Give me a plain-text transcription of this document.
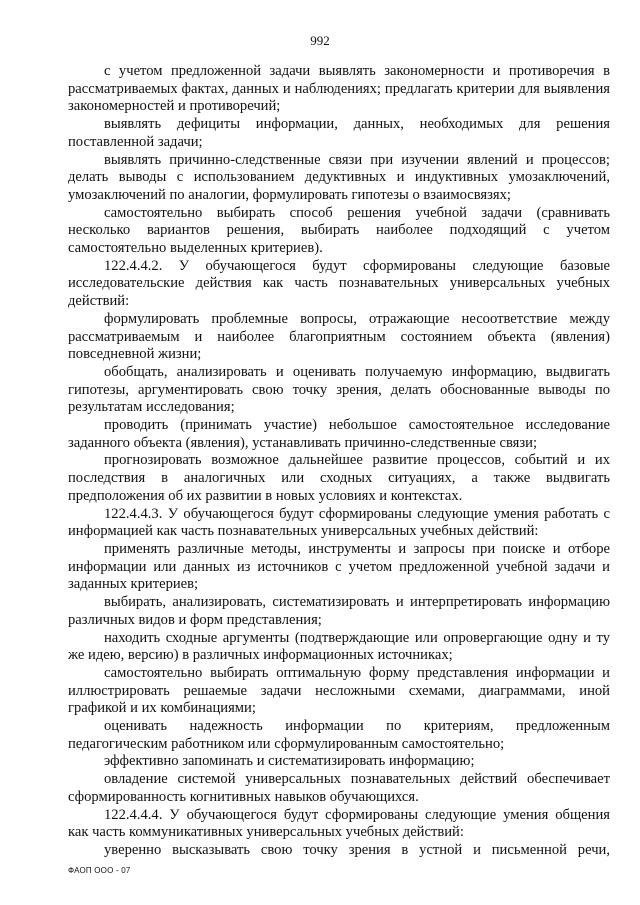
992

с учетом предложенной задачи выявлять закономерности и противоречия в рассматриваемых фактах, данных и наблюдениях; предлагать критерии для выявления закономерностей и противоречий;

выявлять дефициты информации, данных, необходимых для решения поставленной задачи;

выявлять причинно-следственные связи при изучении явлений и процессов; делать выводы с использованием дедуктивных и индуктивных умозаключений, умозаключений по аналогии, формулировать гипотезы о взаимосвязях;

самостоятельно выбирать способ решения учебной задачи (сравнивать несколько вариантов решения, выбирать наиболее подходящий с учетом самостоятельно выделенных критериев).

122.4.4.2. У обучающегося будут сформированы следующие базовые исследовательские действия как часть познавательных универсальных учебных действий:

формулировать проблемные вопросы, отражающие несоответствие между рассматриваемым и наиболее благоприятным состоянием объекта (явления) повседневной жизни;

обобщать, анализировать и оценивать получаемую информацию, выдвигать гипотезы, аргументировать свою точку зрения, делать обоснованные выводы по результатам исследования;

проводить (принимать участие) небольшое самостоятельное исследование заданного объекта (явления), устанавливать причинно-следственные связи;

прогнозировать возможное дальнейшее развитие процессов, событий и их последствия в аналогичных или сходных ситуациях, а также выдвигать предположения об их развитии в новых условиях и контекстах.

122.4.4.3. У обучающегося будут сформированы следующие умения работать с информацией как часть познавательных универсальных учебных действий:

применять различные методы, инструменты и запросы при поиске и отборе информации или данных из источников с учетом предложенной учебной задачи и заданных критериев;

выбирать, анализировать, систематизировать и интерпретировать информацию различных видов и форм представления;

находить сходные аргументы (подтверждающие или опровергающие одну и ту же идею, версию) в различных информационных источниках;

самостоятельно выбирать оптимальную форму представления информации и иллюстрировать решаемые задачи несложными схемами, диаграммами, иной графикой и их комбинациями;

оценивать надежность информации по критериям, предложенным педагогическим работником или сформулированным самостоятельно;

эффективно запоминать и систематизировать информацию;

овладение системой универсальных познавательных действий обеспечивает сформированность когнитивных навыков обучающихся.

122.4.4.4. У обучающегося будут сформированы следующие умения общения как часть коммуникативных универсальных учебных действий:

уверенно высказывать свою точку зрения в устной и письменной речи,

ФАОП ООО - 07
